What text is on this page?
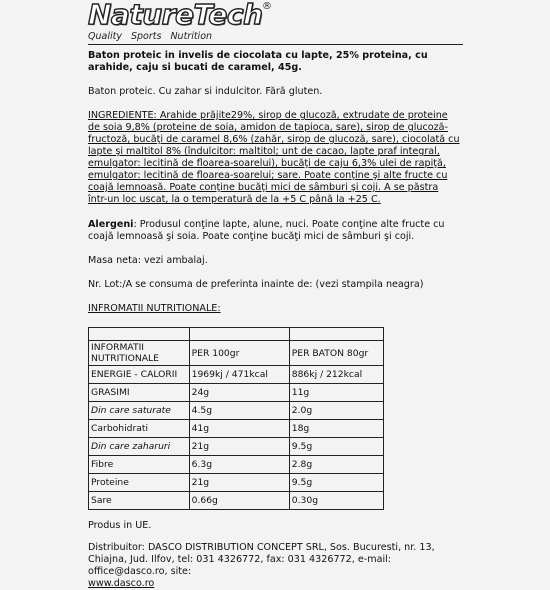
NatureTech ®
Quality Sports Nutrition
Baton proteic in invelis de ciocolata cu lapte, 25% proteina, cu arahide, caju si bucati de caramel, 45g.
Baton proteic. Cu zahar si indulcitor. Fără gluten.
INGREDIENTE: Arahide prăjite29%, sirop de glucoză, extrudate de proteine de soia 9,8% (proteine de soia, amidon de tapioca, sare), sirop de glucoză-fructoză, bucăţi de caramel 8,6% (zahăr, sirop de glucoză, sare), ciocolată cu lapte şi maltitol 8% (îndulcitor: maltitol; unt de cacao, lapte praf integral, emulgator: lecitină de floarea-soarelui), bucăţi de caju 6,3% ulei de rapiţă, emulgator: lecitină de floarea-soarelui; sare. Poate conţine şi alte fructe cu coajă lemnoasă. Poate conţine bucăţi mici de sâmburi şi coji. A se păstra într-un loc uscat, la o temperatură de la +5 C până la +25 C.
Alergeni: Produsul conţine lapte, alune, nuci. Poate conţine alte fructe cu coajă lemnoasă şi soia. Poate conţine bucăţi mici de sâmburi şi coji.
Masa neta: vezi ambalaj.
Nr. Lot:/A se consuma de preferinta inainte de: (vezi stampila neagra)
INFROMATII NUTRITIONALE:

INFORMATII NUTRITIONALE	PER 100gr	PER BATON 80gr
ENERGIE - CALORII	1969kj / 471kcal	886kj / 212kcal
GRASIMI	24g	11g
Din care saturate	4.5g	2.0g
Carbohidrati	41g	18g
Din care zaharuri	21g	9.5g
Fibre	6.3g	2.8g
Proteine	21g	9.5g
Sare	0.66g	0.30g
Produs in UE.
Distribuitor: DASCO DISTRIBUTION CONCEPT SRL, Sos. Bucuresti, nr. 13, Chiajna, Jud. Ilfov, tel: 031 4326772, fax: 031 4326772, e-mail: office@dasco.ro, site:
www.dasco.ro
